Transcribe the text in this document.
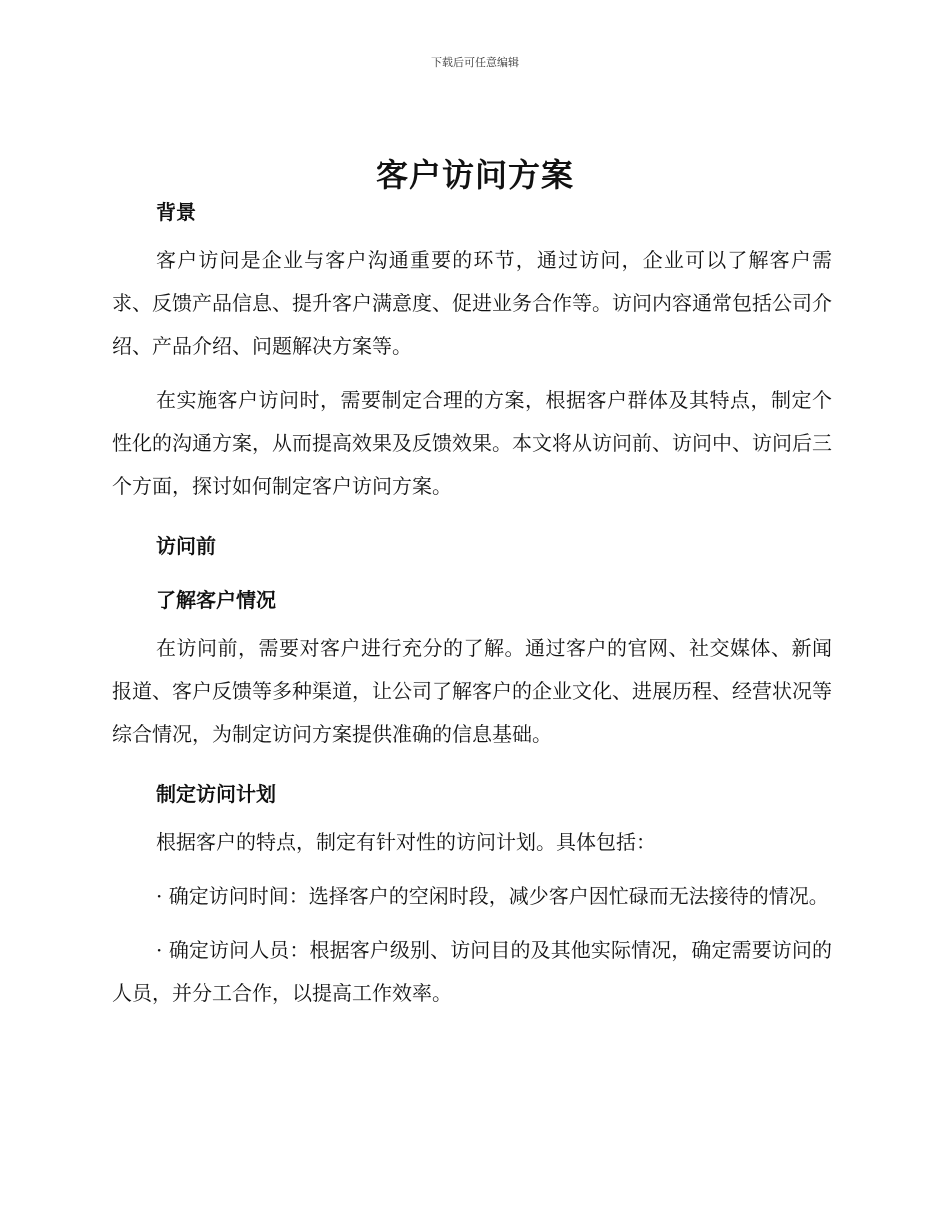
下载后可任意编辑
客户访问方案
背景

客户访问是企业与客户沟通重要的环节，通过访问，企业可以了解客户需求、反馈产品信息、提升客户满意度、促进业务合作等。访问内容通常包括公司介绍、产品介绍、问题解决方案等。

在实施客户访问时，需要制定合理的方案，根据客户群体及其特点，制定个性化的沟通方案，从而提高效果及反馈效果。本文将从访问前、访问中、访问后三个方面，探讨如何制定客户访问方案。

访问前
了解客户情况

在访问前，需要对客户进行充分的了解。通过客户的官网、社交媒体、新闻报道、客户反馈等多种渠道，让公司了解客户的企业文化、进展历程、经营状况等综合情况，为制定访问方案提供准确的信息基础。

制定访问计划

根据客户的特点，制定有针对性的访问计划。具体包括：

· 确定访问时间：选择客户的空闲时段，减少客户因忙碌而无法接待的情况。

· 确定访问人员：根据客户级别、访问目的及其他实际情况，确定需要访问的人员，并分工合作，以提高工作效率。
